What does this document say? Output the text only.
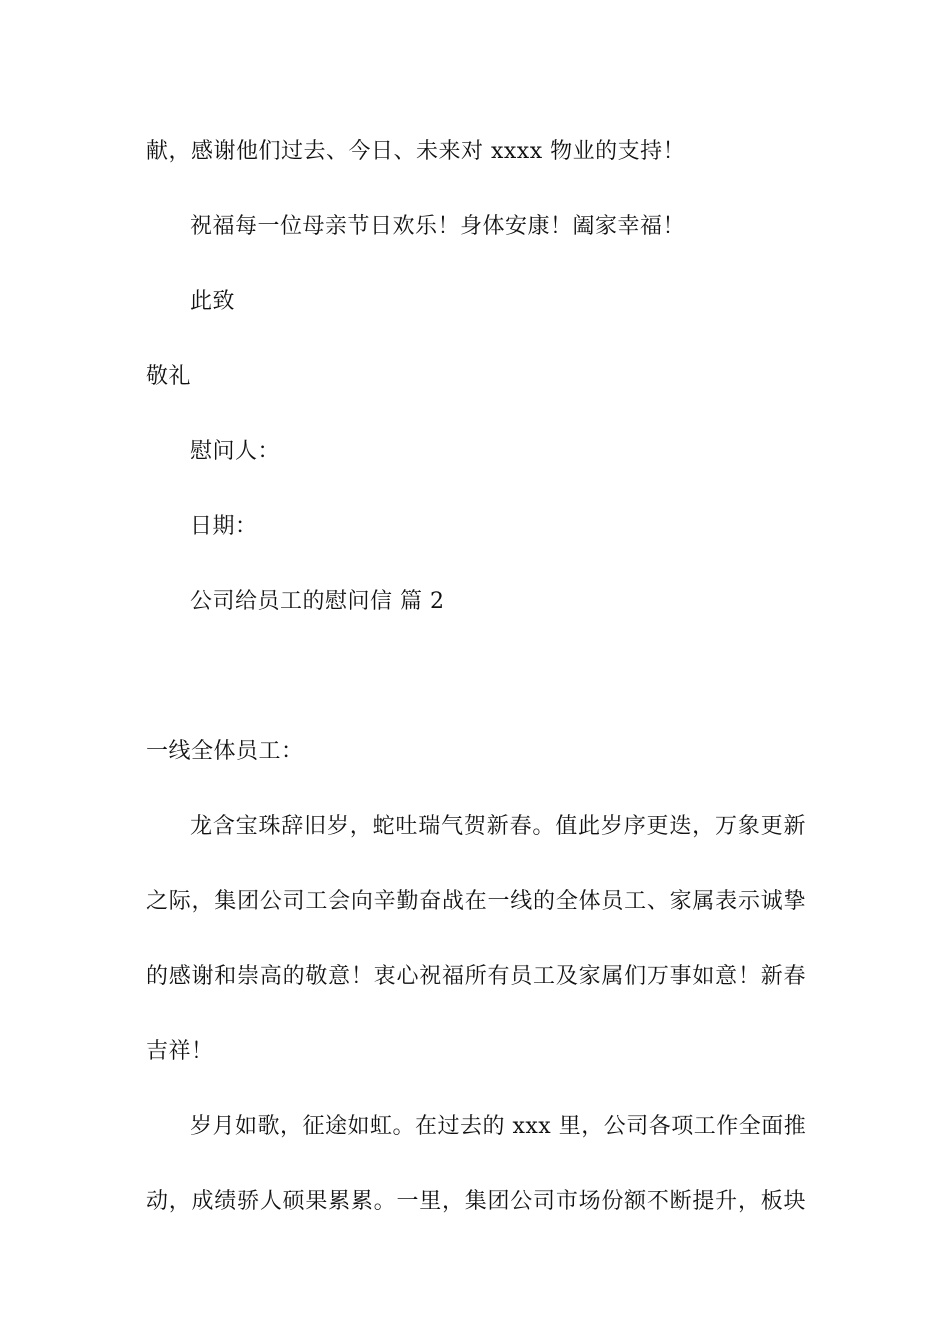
献，感谢他们过去、今日、未来对 xxxx 物业的支持！
祝福每一位母亲节日欢乐！身体安康！阖家幸福！
此致
敬礼
慰问人：
日期：
公司给员工的慰问信 篇 2
一线全体员工：
龙含宝珠辞旧岁，蛇吐瑞气贺新春。值此岁序更迭，万象更新
之际，集团公司工会向辛勤奋战在一线的全体员工、家属表示诚挚
的感谢和崇高的敬意！衷心祝福所有员工及家属们万事如意！新春
吉祥！
岁月如歌，征途如虹。在过去的 xxx 里，公司各项工作全面推
动，成绩骄人硕果累累。一里，集团公司市场份额不断提升，板块
